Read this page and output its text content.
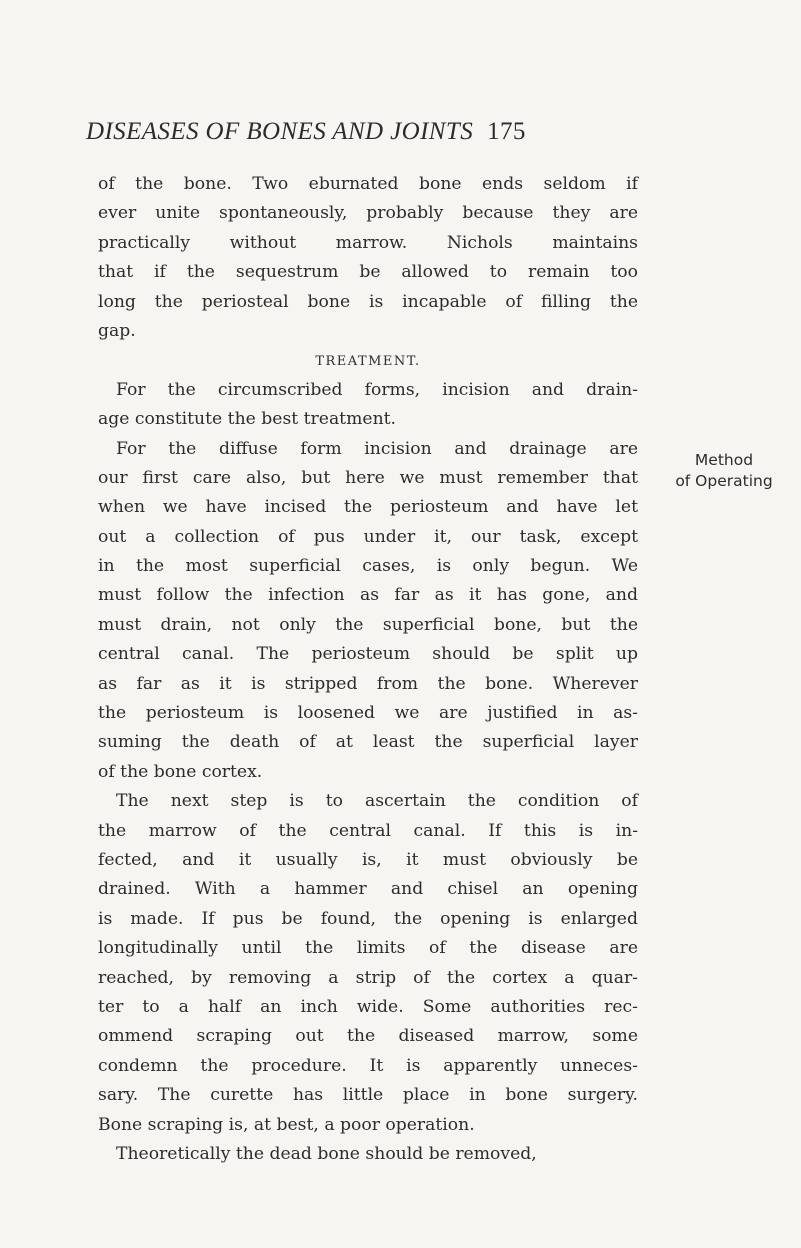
DISEASES OF BONES AND JOINTS 175
of the bone. Two eburnated bone ends seldom if
ever unite spontaneously, probably because they are
practically without marrow. Nichols maintains
that if the sequestrum be allowed to remain too
long the periosteal bone is incapable of filling the
gap.
TREATMENT.
For the circumscribed forms, incision and drain-
age constitute the best treatment.
For the diffuse form incision and drainage are
our first care also, but here we must remember that
when we have incised the periosteum and have let
out a collection of pus under it, our task, except
in the most superficial cases, is only begun. We
must follow the infection as far as it has gone, and
must drain, not only the superficial bone, but the
central canal. The periosteum should be split up
as far as it is stripped from the bone. Wherever
the periosteum is loosened we are justified in as-
suming the death of at least the superficial layer
of the bone cortex.
The next step is to ascertain the condition of
the marrow of the central canal. If this is in-
fected, and it usually is, it must obviously be
drained. With a hammer and chisel an opening
is made. If pus be found, the opening is enlarged
longitudinally until the limits of the disease are
reached, by removing a strip of the cortex a quar-
ter to a half an inch wide. Some authorities rec-
ommend scraping out the diseased marrow, some
condemn the procedure. It is apparently unneces-
sary. The curette has little place in bone surgery.
Bone scraping is, at best, a poor operation.
Theoretically the dead bone should be removed,
Method
of Operating
